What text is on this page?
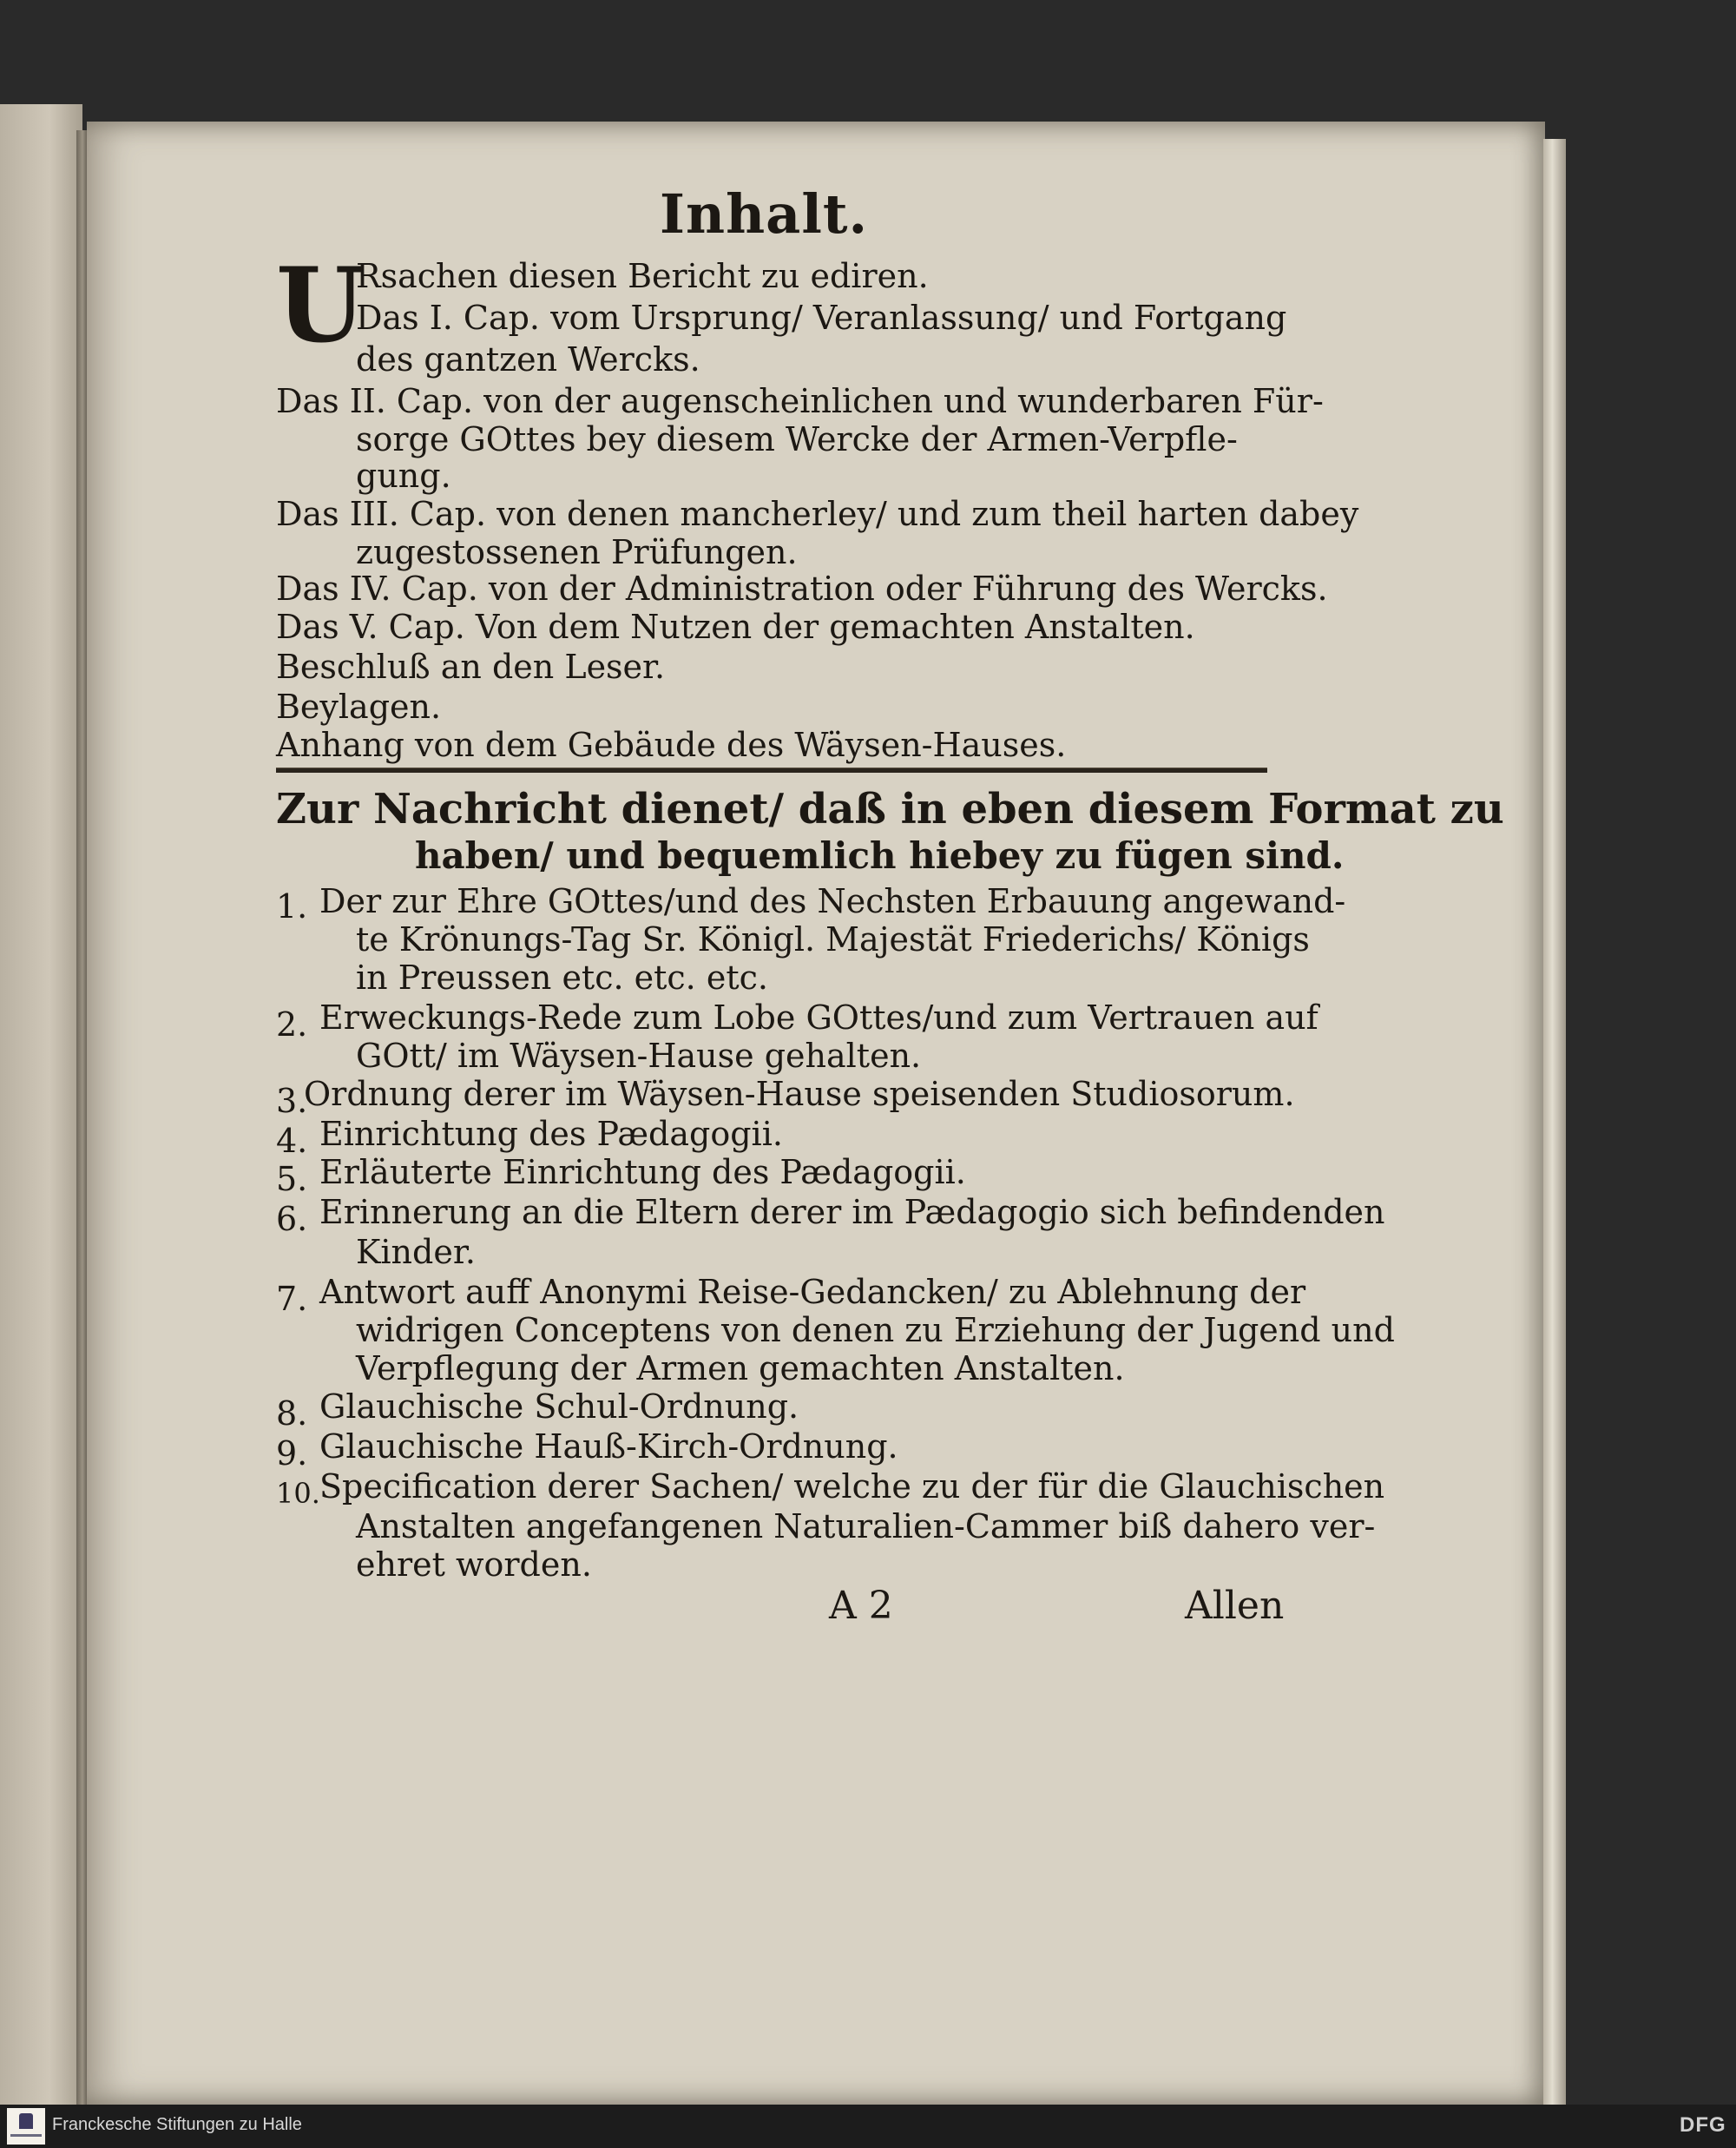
Inhalt.
U
Rsachen diesen Bericht zu ediren.
Das I. Cap. vom Ursprung/ Veranlassung/ und Fortgang
des gantzen Wercks.
Das II. Cap. von der augenscheinlichen und wunderbaren Für-
sorge GOttes bey diesem Wercke der Armen-Verpfle-
gung.
Das III. Cap. von denen mancherley/ und zum theil harten dabey
zugestossenen Prüfungen.
Das IV. Cap. von der Administration oder Führung des Wercks.
Das V. Cap. Von dem Nutzen der gemachten Anstalten.
Beschluß an den Leser.
Beylagen.
Anhang von dem Gebäude des Wäysen-Hauses.
Zur Nachricht dienet/ daß in eben diesem Format zu
haben/ und bequemlich hiebey zu fügen sind.
1. Der zur Ehre GOttes/und des Nechsten Erbauung angewand-
te Krönungs-Tag Sr. Königl. Majestät Friederichs/ Königs
in Preussen etc. etc. etc.
2. Erweckungs-Rede zum Lobe GOttes/und zum Vertrauen auf
GOtt/ im Wäysen-Hause gehalten.
3.
Ordnung derer im Wäysen-Hause speisenden Studiosorum.
4. Einrichtung des Pædagogii.
5. Erläuterte Einrichtung des Pædagogii.
6. Erinnerung an die Eltern derer im Pædagogio sich befindenden
Kinder.
7. Antwort auff Anonymi Reise-Gedancken/ zu Ablehnung der
widrigen Conceptens von denen zu Erziehung der Jugend und
Verpflegung der Armen gemachten Anstalten.
8. Glauchische Schul-Ordnung.
9. Glauchische Hauß-Kirch-Ordnung.
10. Specification derer Sachen/ welche zu der für die Glauchischen
Anstalten angefangenen Naturalien-Cammer biß dahero ver-
ehret worden.
A 2	Allen
Franckesche Stiftungen zu Halle	DFG
